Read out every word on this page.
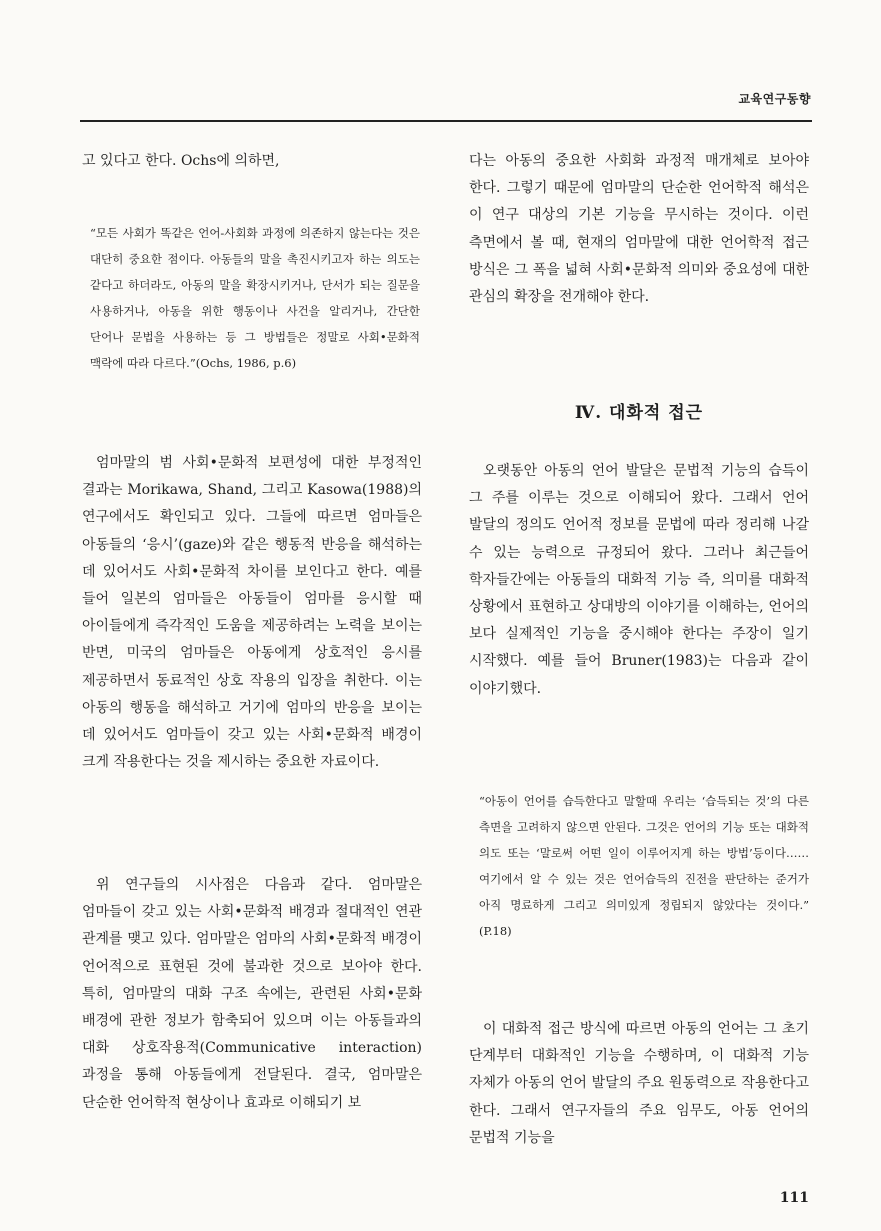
교육연구동향

고 있다고 한다. Ochs에 의하면,

“모든 사회가 똑같은 언어-사회화 과정에 의존하지 않는다는 것은 대단히 중요한 점이다. 아동들의 말을 촉진시키고자 하는 의도는 같다고 하더라도, 아동의 말을 확장시키거나, 단서가 되는 질문을 사용하거나, 아동을 위한 행동이나 사건을 알리거나, 간단한 단어나 문법을 사용하는 등 그 방법들은 정말로 사회•문화적 맥락에 따라 다르다.”(Ochs, 1986, p.6)

엄마말의 범 사회•문화적 보편성에 대한 부정적인 결과는 Morikawa, Shand, 그리고 Kasowa(1988)의 연구에서도 확인되고 있다. 그들에 따르면 엄마들은 아동들의 ‘응시’(gaze)와 같은 행동적 반응을 해석하는 데 있어서도 사회•문화적 차이를 보인다고 한다. 예를 들어 일본의 엄마들은 아동들이 엄마를 응시할 때 아이들에게 즉각적인 도움을 제공하려는 노력을 보이는 반면, 미국의 엄마들은 아동에게 상호적인 응시를 제공하면서 동료적인 상호 작용의 입장을 취한다. 이는 아동의 행동을 해석하고 거기에 엄마의 반응을 보이는 데 있어서도 엄마들이 갖고 있는 사회•문화적 배경이 크게 작용한다는 것을 제시하는 중요한 자료이다.

위 연구들의 시사점은 다음과 같다. 엄마말은 엄마들이 갖고 있는 사회•문화적 배경과 절대적인 연관 관계를 맺고 있다. 엄마말은 엄마의 사회•문화적 배경이 언어적으로 표현된 것에 불과한 것으로 보아야 한다. 특히, 엄마말의 대화 구조 속에는, 관련된 사회•문화 배경에 관한 정보가 함축되어 있으며 이는 아동들과의 대화 상호작용적(Communicative interaction) 과정을 통해 아동들에게 전달된다. 결국, 엄마말은 단순한 언어학적 현상이나 효과로 이해되기 보

다는 아동의 중요한 사회화 과정적 매개체로 보아야 한다. 그렇기 때문에 엄마말의 단순한 언어학적 해석은 이 연구 대상의 기본 기능을 무시하는 것이다. 이런 측면에서 볼 때, 현재의 엄마말에 대한 언어학적 접근 방식은 그 폭을 넓혀 사회•문화적 의미와 중요성에 대한 관심의 확장을 전개해야 한다.

Ⅳ. 대화적 접근

오랫동안 아동의 언어 발달은 문법적 기능의 습득이 그 주를 이루는 것으로 이해되어 왔다. 그래서 언어 발달의 정의도 언어적 정보를 문법에 따라 정리해 나갈 수 있는 능력으로 규정되어 왔다. 그러나 최근들어 학자들간에는 아동들의 대화적 기능 즉, 의미를 대화적 상황에서 표현하고 상대방의 이야기를 이해하는, 언어의 보다 실제적인 기능을 중시해야 한다는 주장이 일기 시작했다. 예를 들어 Bruner(1983)는 다음과 같이 이야기했다.

“아동이 언어를 습득한다고 말할때 우리는 ‘습득되는 것’의 다른 측면을 고려하지 않으면 안된다. 그것은 언어의 기능 또는 대화적 의도 또는 ‘말로써 어떤 일이 이루어지게 하는 방법’등이다…… 여기에서 알 수 있는 것은 언어습득의 진전을 판단하는 준거가 아직 명료하게 그리고 의미있게 정립되지 않았다는 것이다.” (P.18)

이 대화적 접근 방식에 따르면 아동의 언어는 그 초기 단계부터 대화적인 기능을 수행하며, 이 대화적 기능 자체가 아동의 언어 발달의 주요 원동력으로 작용한다고 한다. 그래서 연구자들의 주요 임무도, 아동 언어의 문법적 기능을

111
